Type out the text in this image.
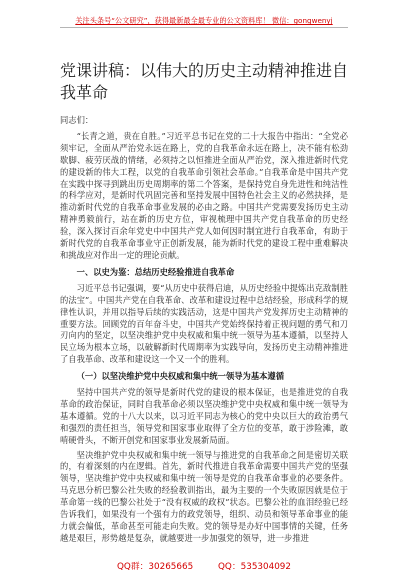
关注头条号“公文研究”，获得最新最全最专业的公文资料库！ 微信：gongwenyj
党课讲稿：以伟大的历史主动精神推进自我革命
同志们：

“长青之道，贵在自胜。”习近平总书记在党的二十大报告中指出：“全党必须牢记，全面从严治党永远在路上，党的自我革命永远在路上，决不能有松劲歇脚、疲劳厌战的情绪，必须持之以恒推进全面从严治党，深入推进新时代党的建设新的伟大工程，以党的自我革命引领社会革命。”自我革命是中国共产党在实践中探寻到跳出历史周期率的第二个答案，是保持党自身先进性和纯洁性的科学应对，是新时代巩固完善和坚持发展中国特色社会主义的必然抉择，是推动新时代党的自我革命事业发展的必由之路。中国共产党需要发扬历史主动精神勇毅前行，站在新的历史方位，审视梳理中国共产党自我革命的历史经验，深入探讨百余年党史中中国共产党人如何因时制宜进行自我革命，有助于新时代党的自我革命事业守正创新发展，能为新时代党的建设工程中重难解决和挑战应对作出一定的理论贡献。

一、以史为鉴：总结历史经验推进自我革命

习近平总书记强调，要“从历史中获得启迪，从历史经验中提炼出克敌制胜的法宝”。中国共产党在自我革命、改革和建设过程中总结经验，形成科学的规律性认识，并用以指导后续的实践活动，这是中国共产党发挥历史主动精神的重要方法。回顾党的百年奋斗史，中国共产党始终保持着正视问题的勇气和刀刃向内的坚定，以坚决维护党中央权威和集中统一领导为基本遵循，以坚持人民立场为根本立场，以破解新时代周期率为实践导向，发扬历史主动精神推进了自我革命、改革和建设这一个又一个的胜利。

（一）以坚决维护党中央权威和集中统一领导为基本遵循

坚持中国共产党的领导是新时代党的建设的根本保证，也是推进党的自我革命的政治保证，同时自我革命必须以坚决维护党中央权威和集中统一领导为基本遵循。党的十八大以来，以习近平同志为核心的党中央以巨大的政治勇气和强烈的责任担当，领导党和国家事业取得了全方位的变革，敢于涉险滩，敢啃硬骨头，不断开创党和国家事业发展新局面。

坚决维护党中央权威和集中统一领导与推进党的自我革命之间是密切关联的，有着深刻的内在逻辑。首先，新时代推进自我革命需要中国共产党的坚强领导，坚决维护党中央权威和集中统一领导是党的自我革命事业的必要条件。马克思分析巴黎公社失败的经验教训指出，最为主要的一个失败原因就是位于革命第一线的巴黎公社处于“没有权威的政权”状态。巴黎公社的血泪经验已经告诉我们，如果没有一个强有力的政党领导，组织、动员和领导革命事业的能力就会偏低，革命甚至可能走向失败。党的领导是办好中国事情的关键，任务越是艰巨，形势越是复杂，就越要进一步加强党的领导，进一步推进

QQ群：30265665	QQ：535304092
